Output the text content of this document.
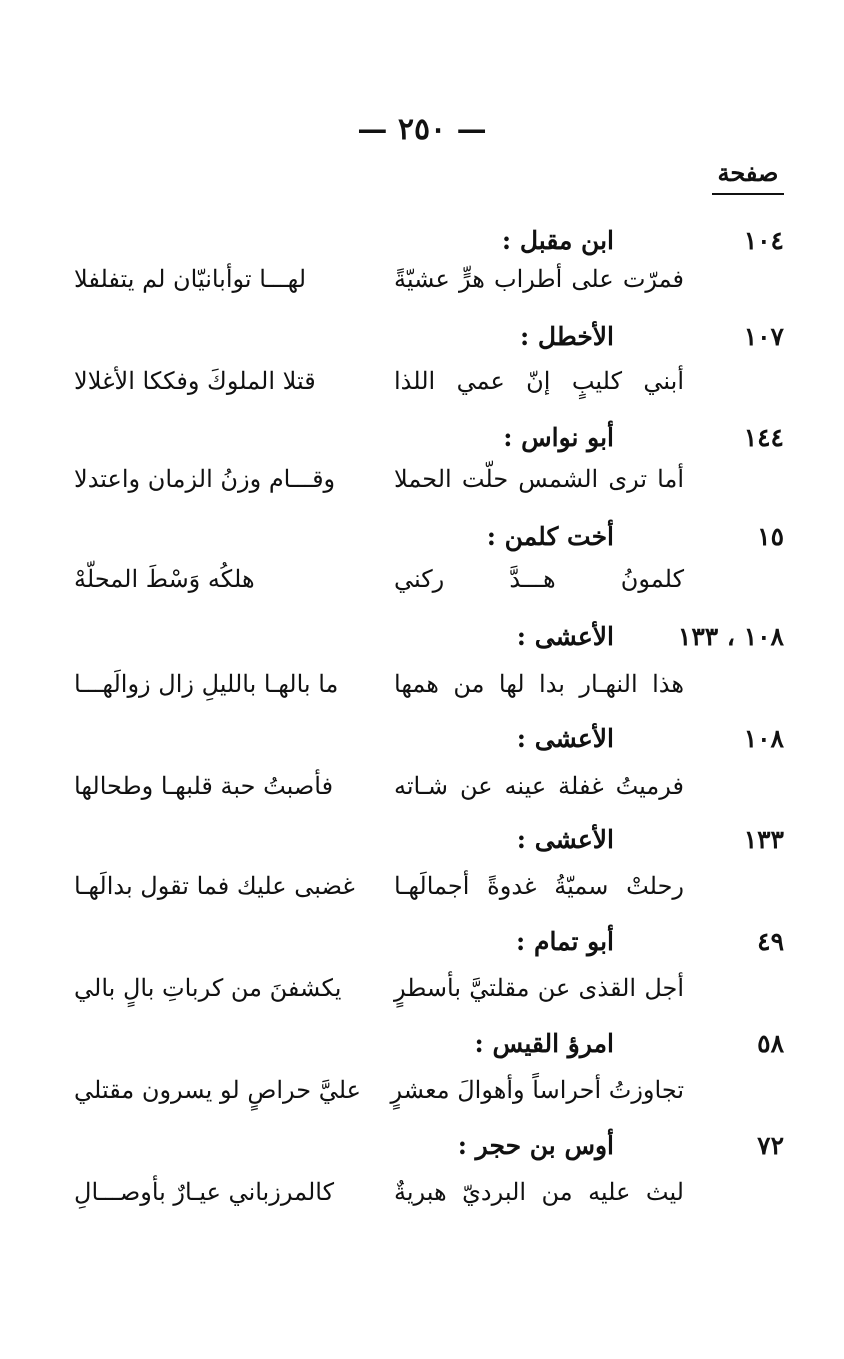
— ٢٥٠ —
صفحة
١٠٤
ابن مقبل :
فمرّت على أطراب هرٍّ عشيّةً
لهـــا توأبانيّان لم يتفلفلا
١٠٧
الأخطل :
أبني كليبٍ إنّ عمي اللذا
قتلا الملوكَ وفككا الأغلالا
١٤٤
أبو نواس :
أما ترى الشمس حلّت الحملا
وقـــام وزنُ الزمان واعتدلا
١٥
أخت كلمن :
كلمونُ هـــدَّ ركني
هلكُه وَسْطَ المحلّهْ
١٠٨ ، ١٣٣
الأعشى :
هذا النهـار بدا لها من همها
ما بالهـا بالليلِ زال زوالَهـــا
١٠٨
الأعشى :
فرميتُ غفلة عينه عن شـاته
فأصبتُ حبة قلبهـا وطحالها
١٣٣
الأعشى :
رحلتْ سميّةُ غدوةً أجمالَهـا
غضبى عليك فما تقول بدالَهـا
٤٩
أبو تمام :
أجل القذى عن مقلتيَّ بأسطرٍ
يكشفنَ من كرباتِ بالٍ بالي
٥٨
امرؤ القيس :
تجاوزتُ أحراساً وأهوالَ معشرٍ
عليَّ حراصٍ لو يسرون مقتلي
٧٢
أوس بن حجر :
ليث عليه من البرديّ هبريةٌ
كالمرزباني عيـارٌ بأوصـــالِ
